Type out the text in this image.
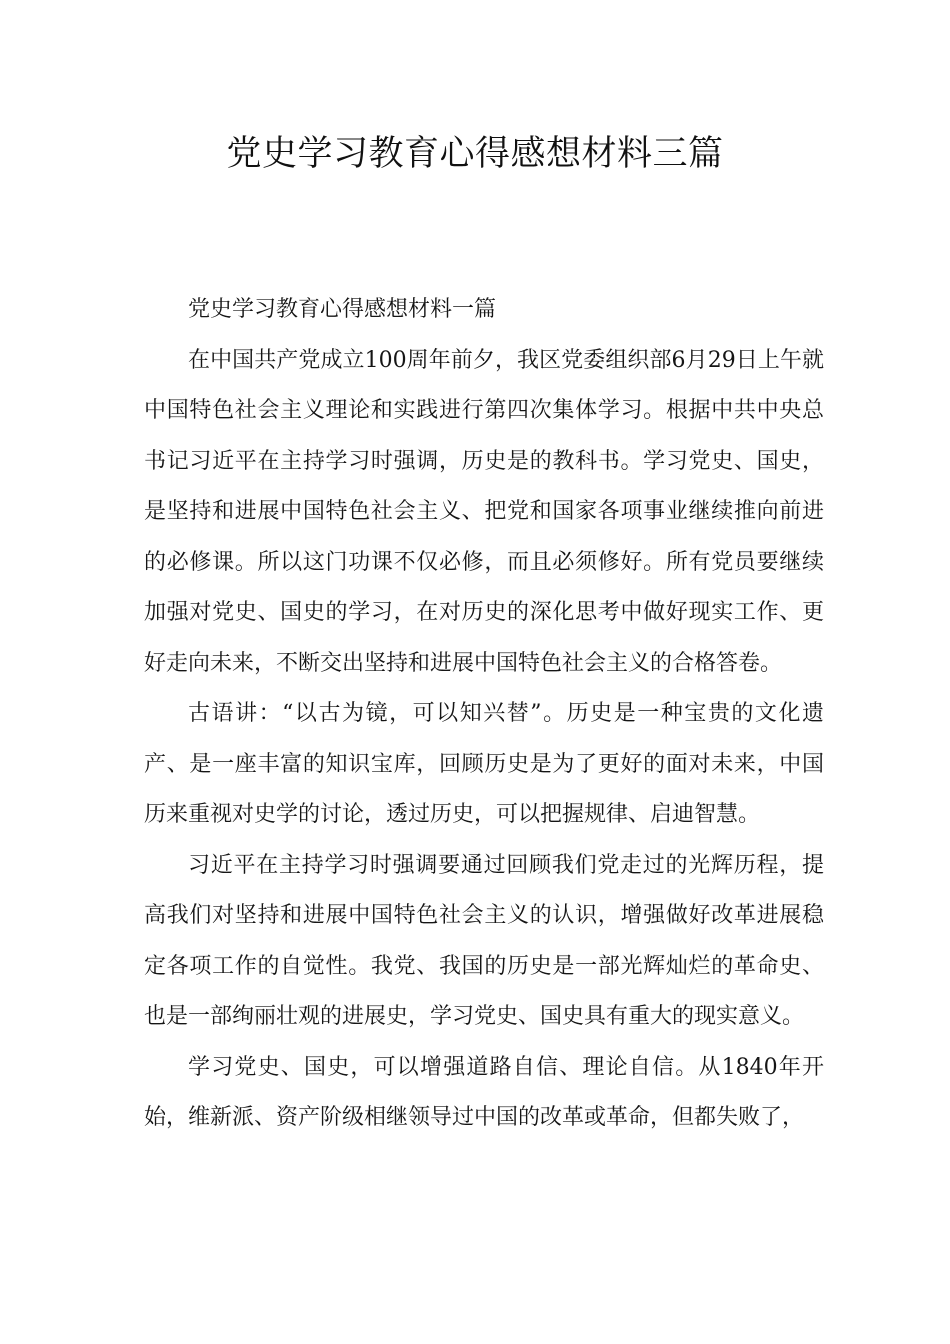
党史学习教育心得感想材料三篇

党史学习教育心得感想材料一篇

在中国共产党成立100周年前夕，我区党委组织部6月29日上午就中国特色社会主义理论和实践进行第四次集体学习。根据中共中央总书记习近平在主持学习时强调，历史是的教科书。学习党史、国史，是坚持和进展中国特色社会主义、把党和国家各项事业继续推向前进的必修课。所以这门功课不仅必修，而且必须修好。所有党员要继续加强对党史、国史的学习，在对历史的深化思考中做好现实工作、更好走向未来，不断交出坚持和进展中国特色社会主义的合格答卷。

古语讲：“以古为镜，可以知兴替”。历史是一种宝贵的文化遗产、是一座丰富的知识宝库，回顾历史是为了更好的面对未来，中国历来重视对史学的讨论，透过历史，可以把握规律、启迪智慧。

习近平在主持学习时强调要通过回顾我们党走过的光辉历程，提高我们对坚持和进展中国特色社会主义的认识，增强做好改革进展稳定各项工作的自觉性。我党、我国的历史是一部光辉灿烂的革命史、也是一部绚丽壮观的进展史，学习党史、国史具有重大的现实意义。

学习党史、国史，可以增强道路自信、理论自信。从1840年开始，维新派、资产阶级相继领导过中国的改革或革命，但都失败了，
